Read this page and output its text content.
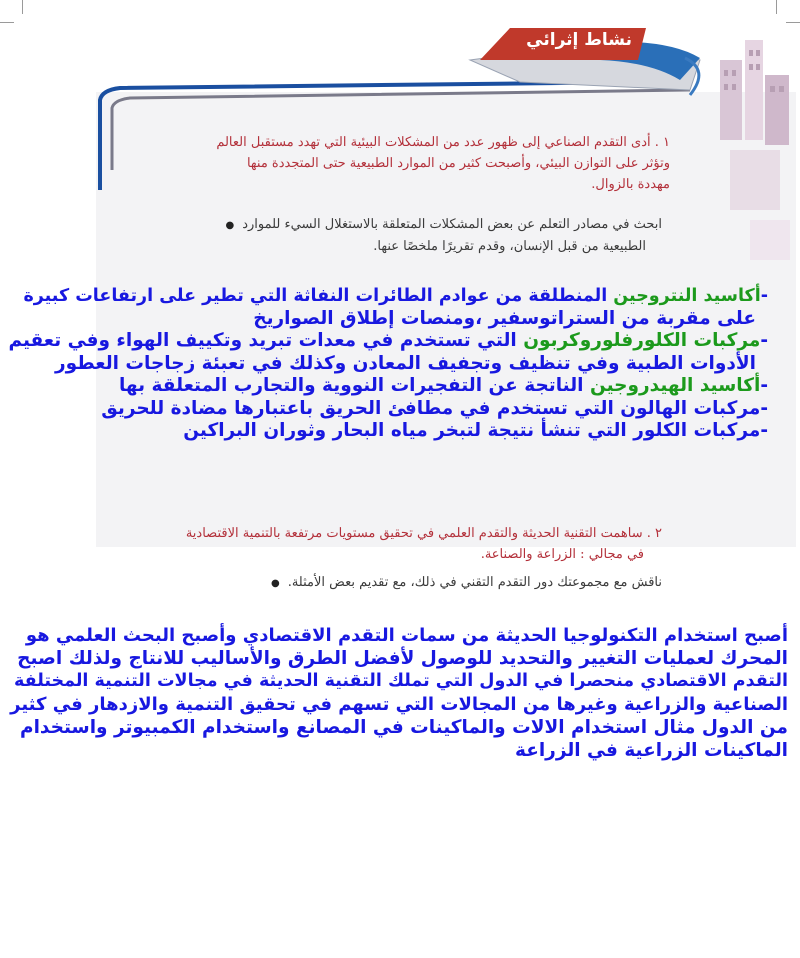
نشاط إثرائي
١ . أدى التقدم الصناعي إلى ظهور عدد من المشكلات البيئية التي تهدد مستقبل العالم
وتؤثر على التوازن البيئي، وأصبحت كثير من الموارد الطبيعية حتى المتجددة منها
مهددة بالزوال.
ابحث في مصادر التعلم عن بعض المشكلات المتعلقة بالاستغلال السيء للموارد ●
الطبيعية من قبل الإنسان، وقدم تقريرًا ملخصًا عنها.
-أكاسيد النتروجين المنطلقة من عوادم الطائرات النفاثة التي تطير على ارتفاعات كبيرة
على مقربة من الستراتوسفير ،ومنصات إطلاق الصواريخ
-مركبات الكلورفلوروكربون التي تستخدم في معدات تبريد وتكييف الهواء وفي تعقيم
الأدوات الطبية وفي تنظيف وتجفيف المعادن وكذلك في تعبئة زجاجات العطور
-أكاسيد الهيدروجين الناتجة عن التفجيرات النووية والتجارب المتعلقة بها
-مركبات الهالون التي تستخدم في مطافئ الحريق باعتبارها مضادة للحريق
-مركبات الكلور التي تنشأ نتيجة لتبخر مياه البحار وثوران البراكين
٢ . ساهمت التقنية الحديثة والتقدم العلمي في تحقيق مستويات مرتفعة بالتنمية الاقتصادية
في مجالي : الزراعة والصناعة.
ناقش مع مجموعتك دور التقدم التقني في ذلك، مع تقديم بعض الأمثلة. ●
أصبح استخدام التكنولوجيا الحديثة من سمات التقدم الاقتصادي وأصبح البحث العلمي هو
المحرك لعمليات التغيير والتحديد للوصول لأفضل الطرق والأساليب للانتاج ولذلك اصبح
التقدم الاقتصادي منحصرا في الدول التي تملك التقنية الحديثة في مجالات التنمية المختلفة
الصناعية والزراعية وغيرها من المجالات التي تسهم في تحقيق التنمية والازدهار في كثير
من الدول مثال استخدام الالات والماكينات في المصانع واستخدام الكمبيوتر واستخدام
الماكينات الزراعية في الزراعة
